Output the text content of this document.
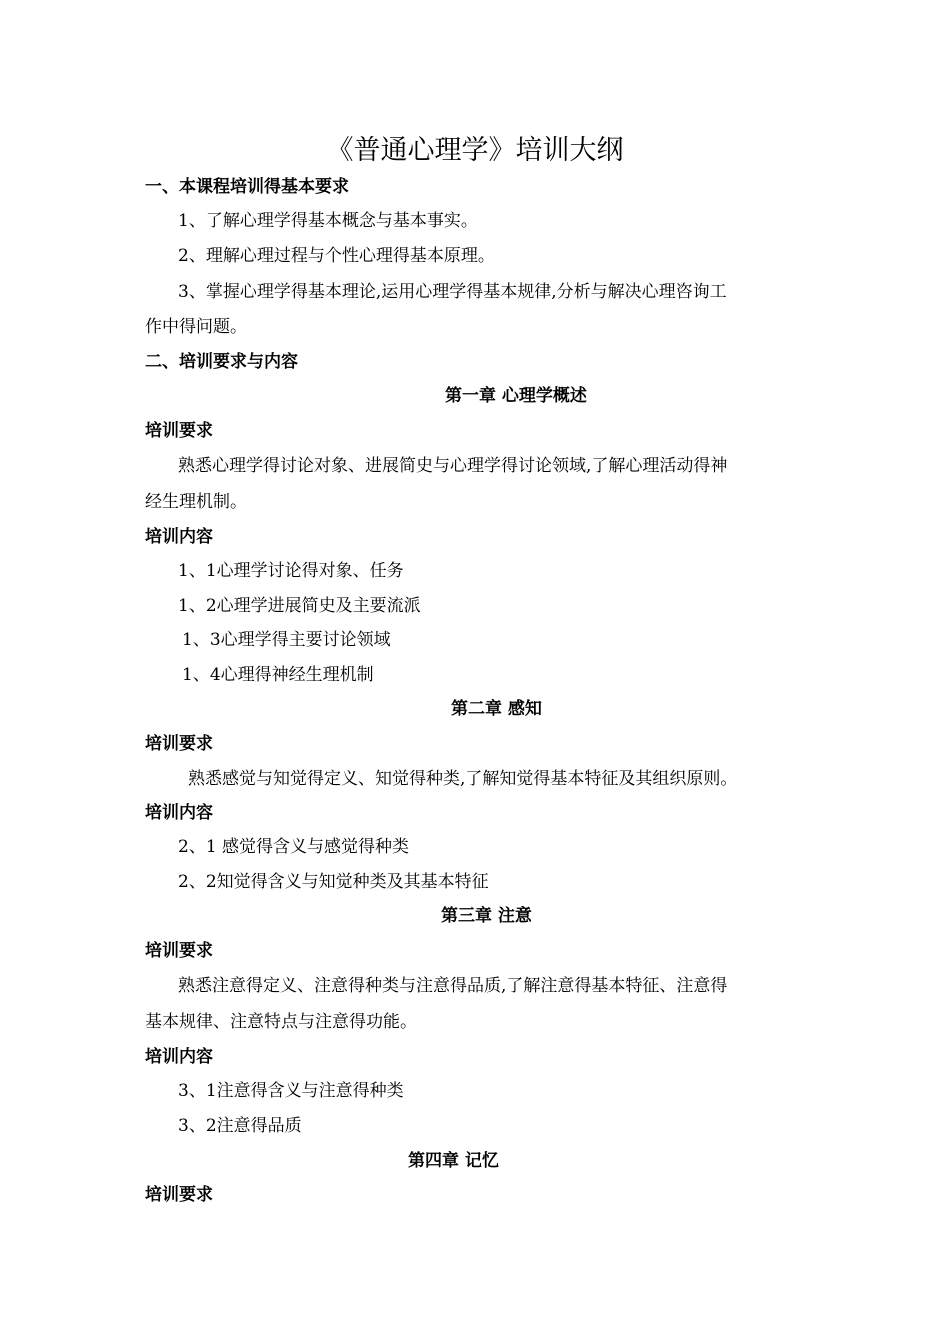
《普通心理学》培训大纲
一、本课程培训得基本要求
1、了解心理学得基本概念与基本事实。
2、理解心理过程与个性心理得基本原理。
3、掌握心理学得基本理论,运用心理学得基本规律,分析与解决心理咨询工
作中得问题。
二、培训要求与内容
第一章 心理学概述
培训要求
熟悉心理学得讨论对象、进展简史与心理学得讨论领域,了解心理活动得神
经生理机制。
培训内容
1、1心理学讨论得对象、任务
1、2心理学进展简史及主要流派
1、3心理学得主要讨论领域
1、4心理得神经生理机制
第二章 感知
培训要求
熟悉感觉与知觉得定义、知觉得种类,了解知觉得基本特征及其组织原则。
培训内容
2、1 感觉得含义与感觉得种类
2、2知觉得含义与知觉种类及其基本特征
第三章 注意
培训要求
熟悉注意得定义、注意得种类与注意得品质,了解注意得基本特征、注意得
基本规律、注意特点与注意得功能。
培训内容
3、1注意得含义与注意得种类
3、2注意得品质
第四章 记忆
培训要求
